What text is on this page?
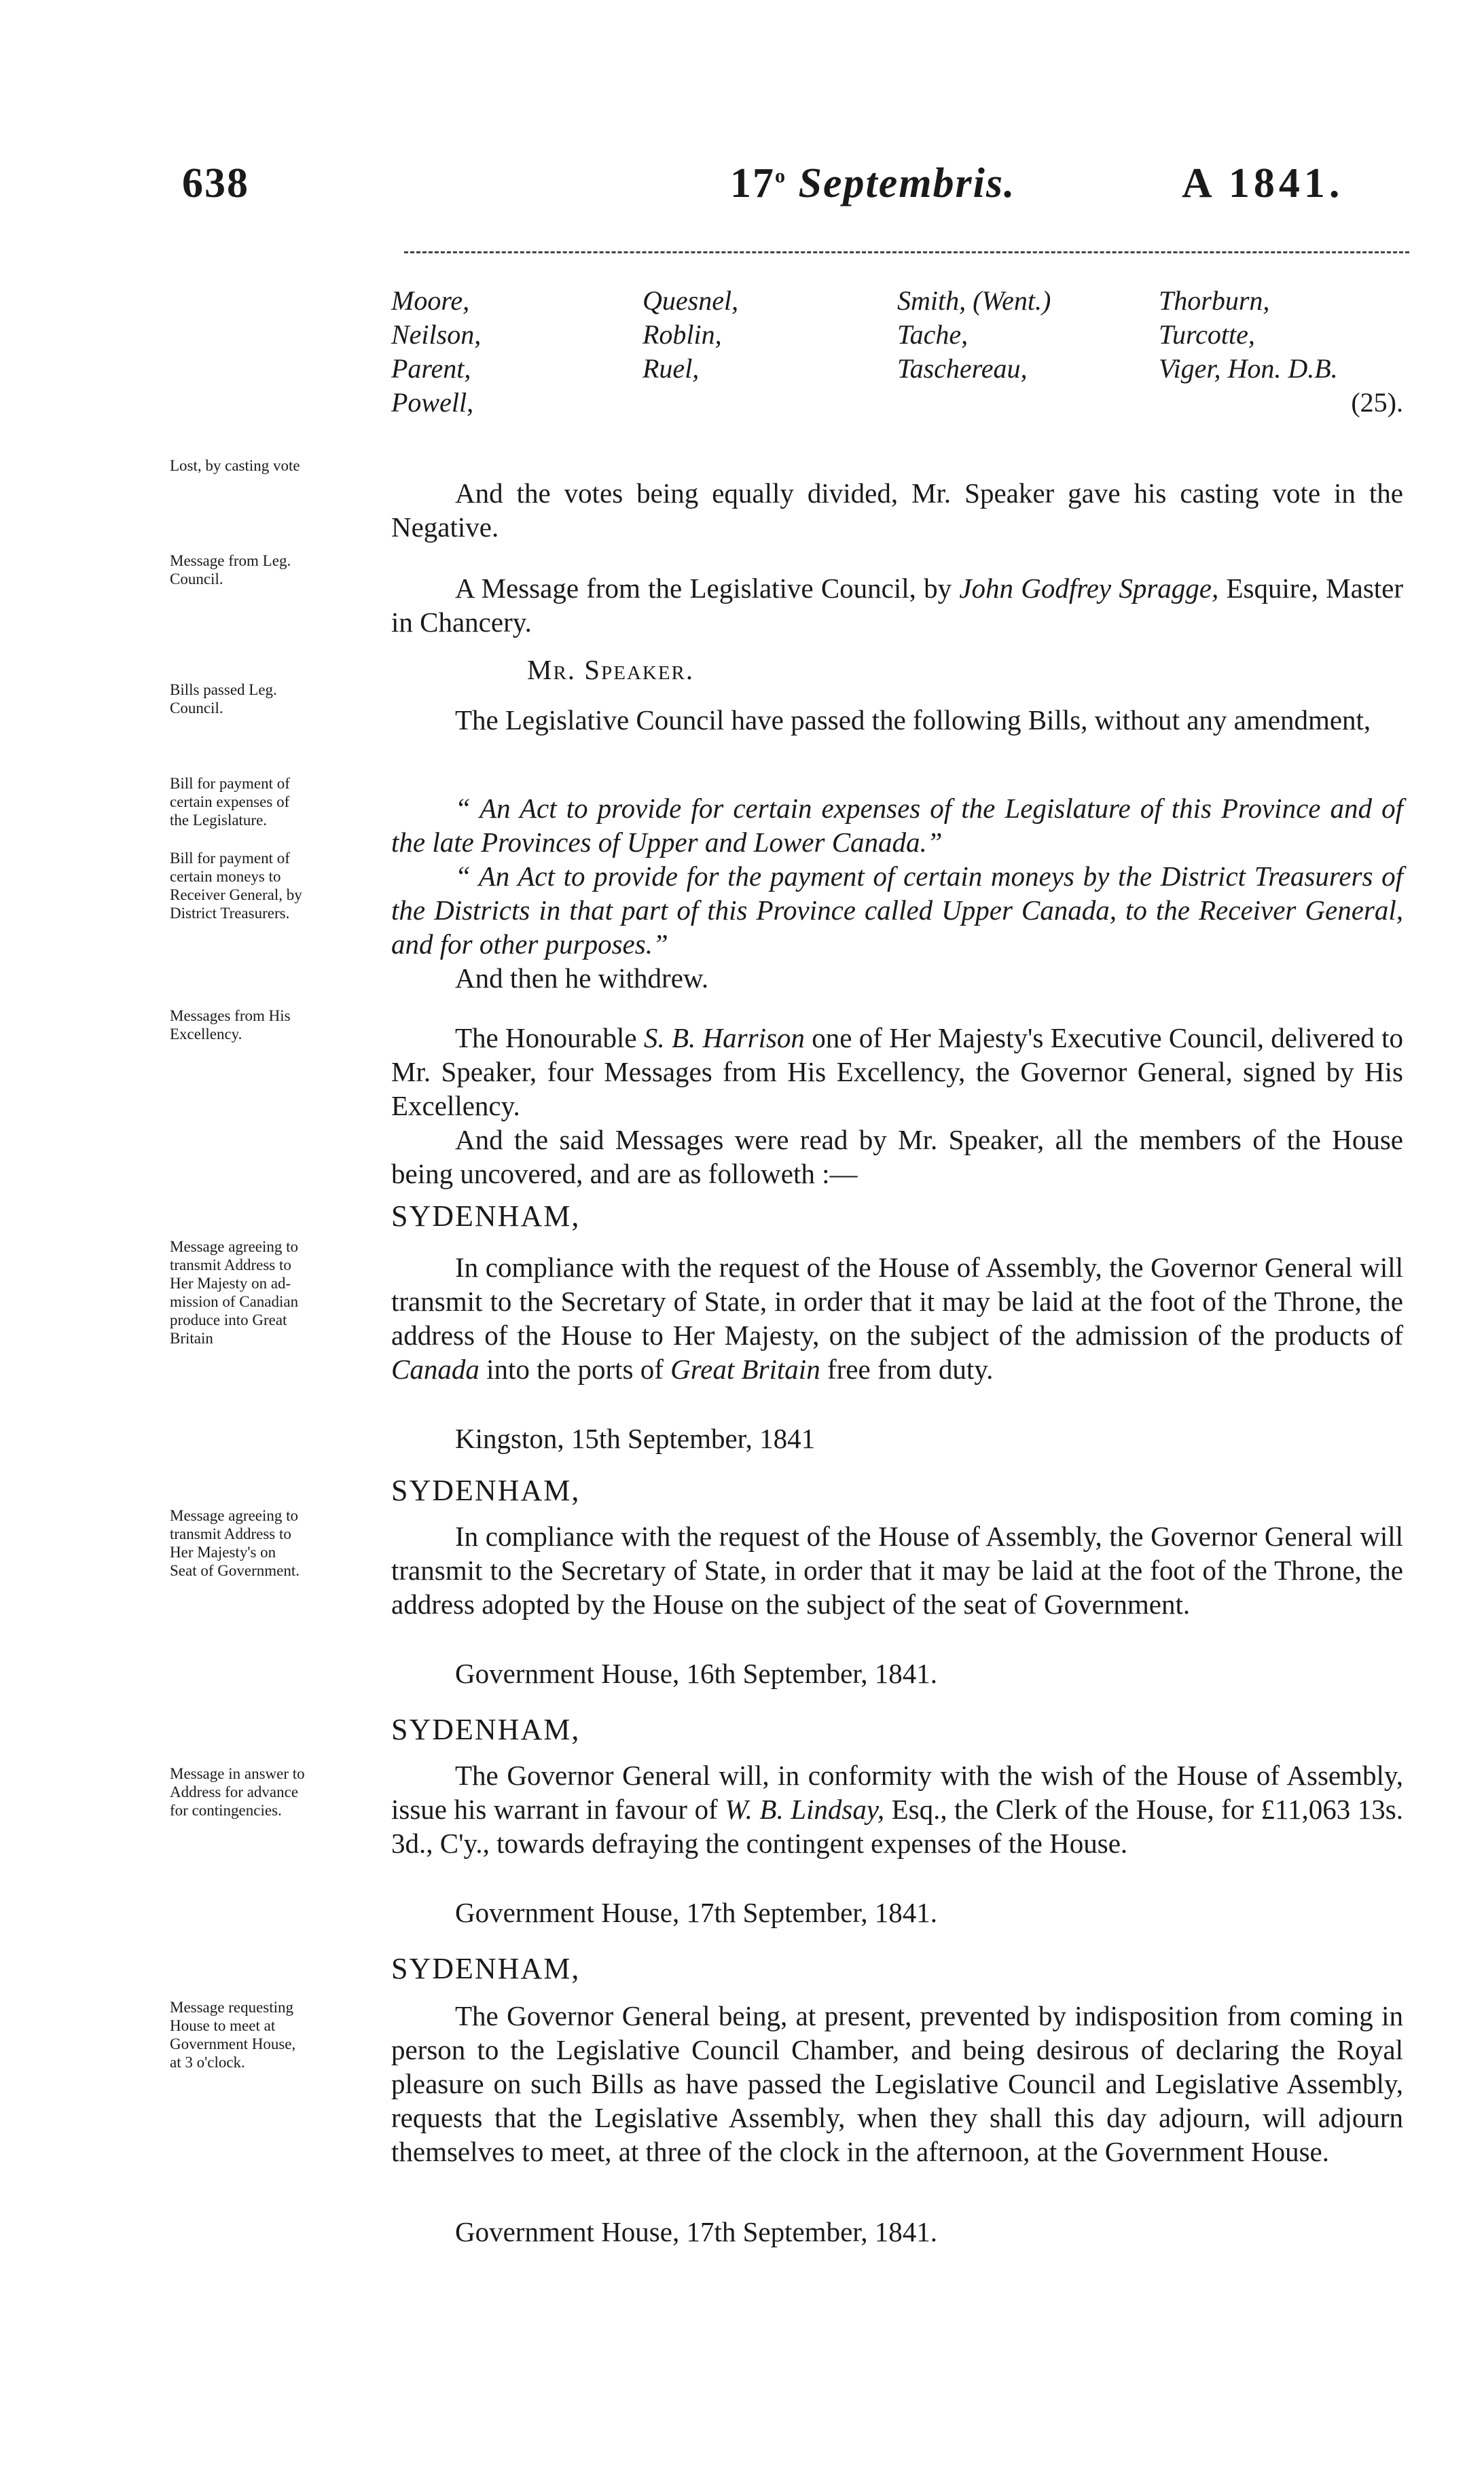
638	17$^o$ Septembris.	A 1841.
Moore,
Neilson,
Parent,
Powell,
Quesnel,
Roblin,
Ruel,
Smith, (Went.)
Tache,
Taschereau,
Thorburn,
Turcotte,
Viger, Hon. D.B.
(25).
Lost, by casting vote
Message from Leg.
Council.
Bills passed Leg.
Council.
Bill for payment of
certain expenses of
the Legislature.
Bill for payment of
certain moneys to
Receiver General, by
District Treasurers.
Messages from His
Excellency.
Message agreeing to
transmit Address to
Her Majesty on ad-
mission of Canadian
produce into Great
Britain
Message agreeing to
transmit Address to
Her Majesty's on
Seat of Government.
Message in answer to
Address for advance
for contingencies.
Message requesting
House to meet at
Government House,
at 3 o'clock.

And the votes being equally divided, Mr. Speaker gave his casting vote in the Negative.

A Message from the Legislative Council, by John Godfrey Spragge, Esquire, Master in Chancery.

Mr. Speaker.

The Legislative Council have passed the following Bills, without any amendment,

“ An Act to provide for certain expenses of the Legislature of this Province and of the late Provinces of Upper and Lower Canada.”

“ An Act to provide for the payment of certain moneys by the District Treasurers of the Districts in that part of this Province called Upper Canada, to the Receiver General, and for other purposes.”

And then he withdrew.

The Honourable S. B. Harrison one of Her Majesty's Executive Council, delivered to Mr. Speaker, four Messages from His Excellency, the Governor General, signed by His Excellency.

And the said Messages were read by Mr. Speaker, all the members of the House being uncovered, and are as followeth :—

SYDENHAM,

In compliance with the request of the House of Assembly, the Governor General will transmit to the Secretary of State, in order that it may be laid at the foot of the Throne, the address of the House to Her Majesty, on the subject of the admission of the products of Canada into the ports of Great Britain free from duty.

Kingston, 15th September, 1841

SYDENHAM,

In compliance with the request of the House of Assembly, the Governor General will transmit to the Secretary of State, in order that it may be laid at the foot of the Throne, the address adopted by the House on the subject of the seat of Government.

Government House, 16th September, 1841.

SYDENHAM,

The Governor General will, in conformity with the wish of the House of Assembly, issue his warrant in favour of W. B. Lindsay, Esq., the Clerk of the House, for £11,063 13s. 3d., C'y., towards defraying the contingent expenses of the House.

Government House, 17th September, 1841.

SYDENHAM,

The Governor General being, at present, prevented by indisposition from coming in person to the Legislative Council Chamber, and being desirous of declaring the Royal pleasure on such Bills as have passed the Legislative Council and Legislative Assembly, requests that the Legislative Assembly, when they shall this day adjourn, will adjourn themselves to meet, at three of the clock in the afternoon, at the Government House.

Government House, 17th September, 1841.
